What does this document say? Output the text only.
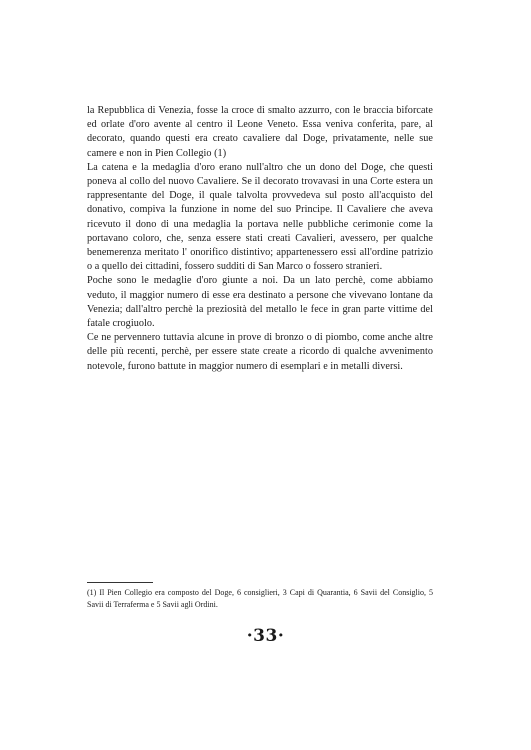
la Repubblica di Venezia, fosse la croce di smalto azzurro, con le braccia biforcate ed orlate d'oro avente al centro il Leone Veneto. Essa veniva conferita, pare, al decorato, quando questi era creato cavaliere dal Doge, privatamente, nelle sue camere e non in Pien Collegio (1)

La catena e la medaglia d'oro erano null'altro che un dono del Doge, che questi poneva al collo del nuovo Cavaliere. Se il decorato trovavasi in una Corte estera un rappresentante del Doge, il quale talvolta provvedeva sul posto all'acquisto del donativo, compiva la funzione in nome del suo Principe. Il Cavaliere che aveva ricevuto il dono di una medaglia la portava nelle pubbliche cerimonie come la portavano coloro, che, senza essere stati creati Cavalieri, avessero, per qualche benemerenza meritato l' onorifico distintivo; appartenessero essi all'ordine patrizio o a quello dei cittadini, fossero sudditi di San Marco o fossero stranieri.

Poche sono le medaglie d'oro giunte a noi. Da un lato perchè, come abbiamo veduto, il maggior numero di esse era destinato a persone che vivevano lontane da Venezia; dall'altro perchè la preziosità del metallo le fece in gran parte vittime del fatale crogiuolo.

Ce ne pervennero tuttavia alcune in prove di bronzo o di piombo, come anche altre delle più recenti, perchè, per essere state create a ricordo di qualche avvenimento notevole, furono battute in maggior numero di esemplari e in metalli diversi.

(1) Il Pien Collegio era composto del Doge, 6 consiglieri, 3 Capi di Quarantia, 6 Savii del Consiglio, 5 Savii di Terraferma e 5 Savii agli Ordini.
·33·
